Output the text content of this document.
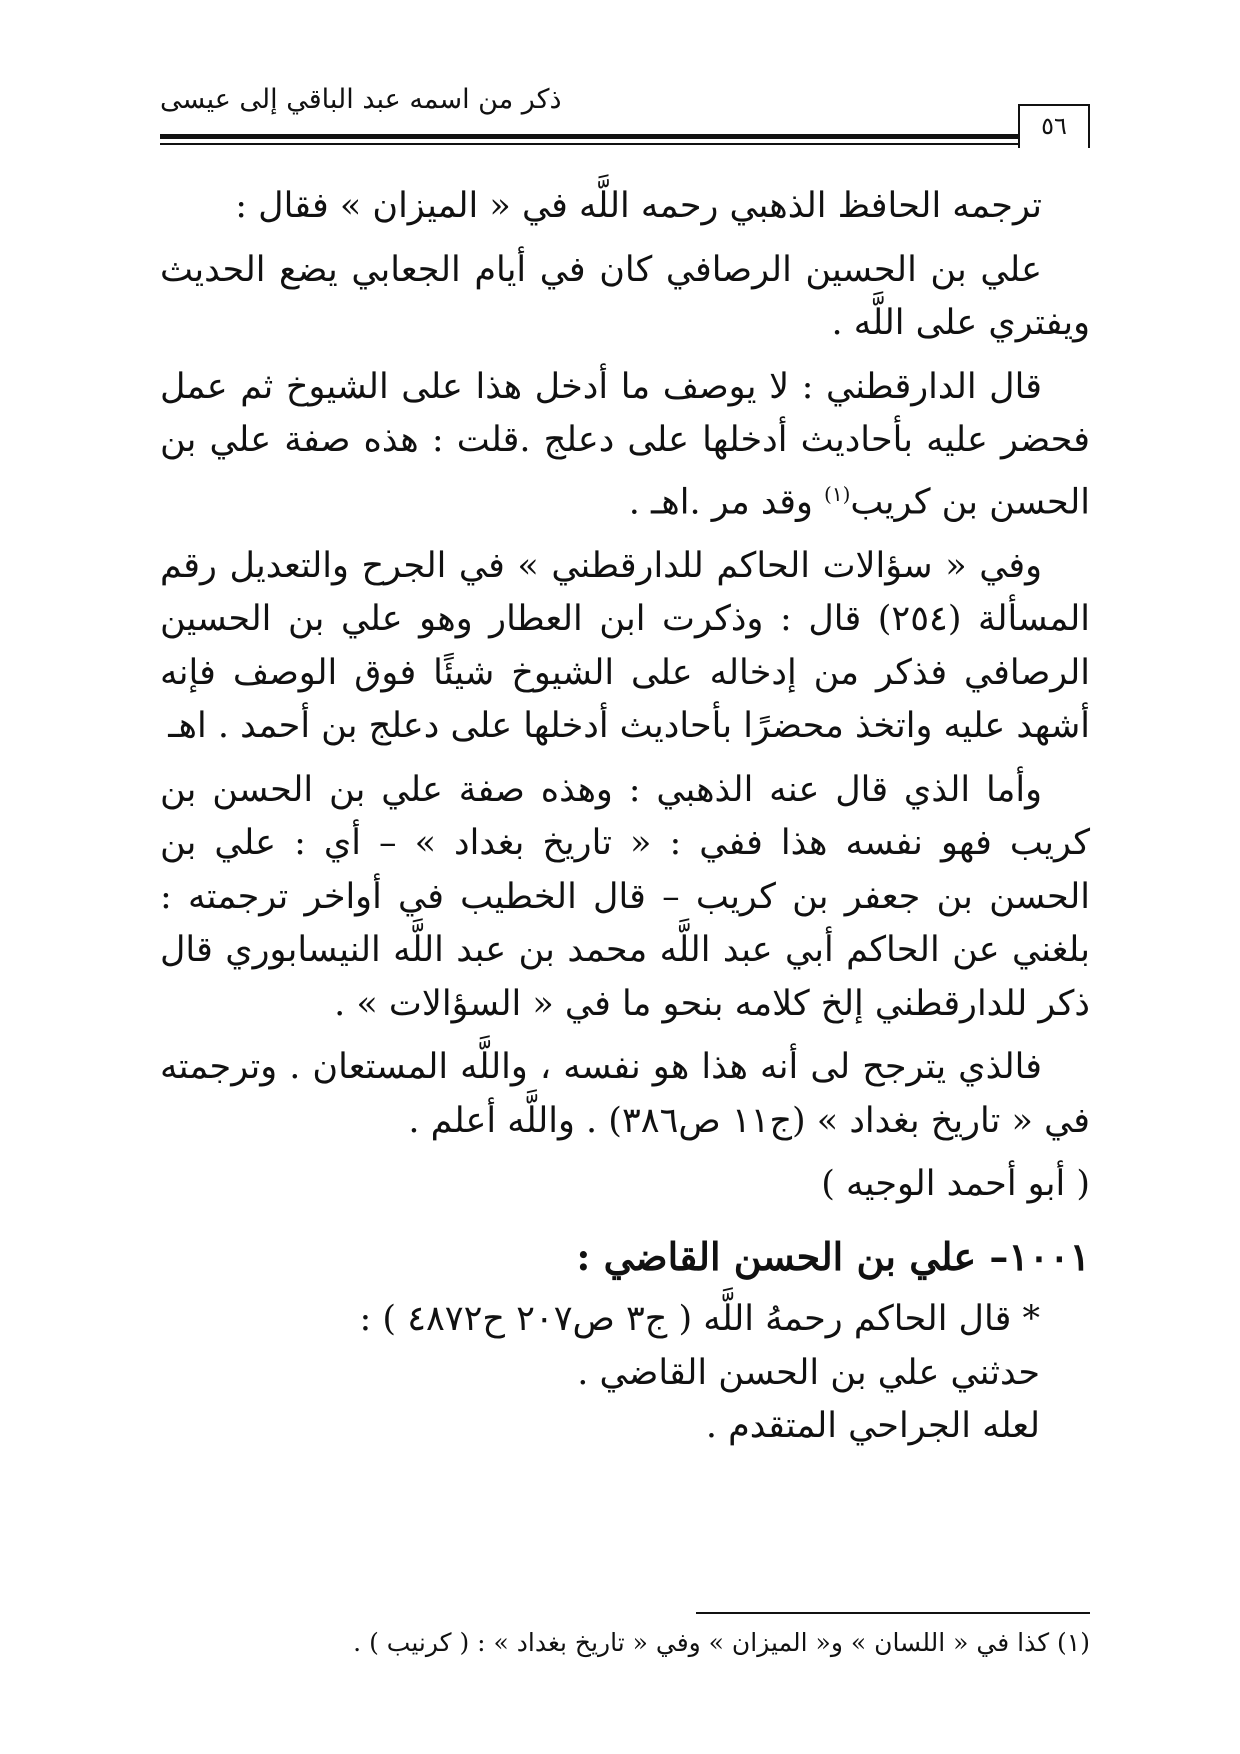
ذكر من اسمه عبد الباقي إلى عيسى
٥٦

ترجمه الحافظ الذهبي رحمه اللَّه في « الميزان » فقال :

علي بن الحسين الرصافي كان في أيام الجعابي يضع الحديث ويفتري على اللَّه .

قال الدارقطني : لا يوصف ما أدخل هذا على الشيوخ ثم عمل فحضر عليه بأحاديث أدخلها على دعلج .قلت : هذه صفة علي بن الحسن بن كريب$^{(١)}$ وقد مر .اهـ .

وفي « سؤالات الحاكم للدارقطني » في الجرح والتعديل رقم المسألة (٢٥٤) قال : وذكرت ابن العطار وهو علي بن الحسين الرصافي فذكر من إدخاله على الشيوخ شيئًا فوق الوصف فإنه أشهد عليه واتخذ محضرًا بأحاديث أدخلها على دعلج بن أحمد . اهـ

وأما الذي قال عنه الذهبي : وهذه صفة علي بن الحسن بن كريب فهو نفسه هذا ففي : « تاريخ بغداد » – أي : علي بن الحسن بن جعفر بن كريب – قال الخطيب في أواخر ترجمته : بلغني عن الحاكم أبي عبد اللَّه محمد بن عبد اللَّه النيسابوري قال ذكر للدارقطني إلخ كلامه بنحو ما في « السؤالات » .

فالذي يترجح لى أنه هذا هو نفسه ، واللَّه المستعان . وترجمته في « تاريخ بغداد » (ج١١ ص٣٨٦) . واللَّه أعلم .

( أبو أحمد الوجيه )

١٠٠١– علي بن الحسن القاضي :

* قال الحاكم رحمهُ اللَّه ( ج٣ ص٢٠٧ ح٤٨٧٢ ) :

حدثني علي بن الحسن القاضي .

لعله الجراحي المتقدم .

(١) كذا في « اللسان » و« الميزان » وفي « تاريخ بغداد » : ( كرنيب ) .
